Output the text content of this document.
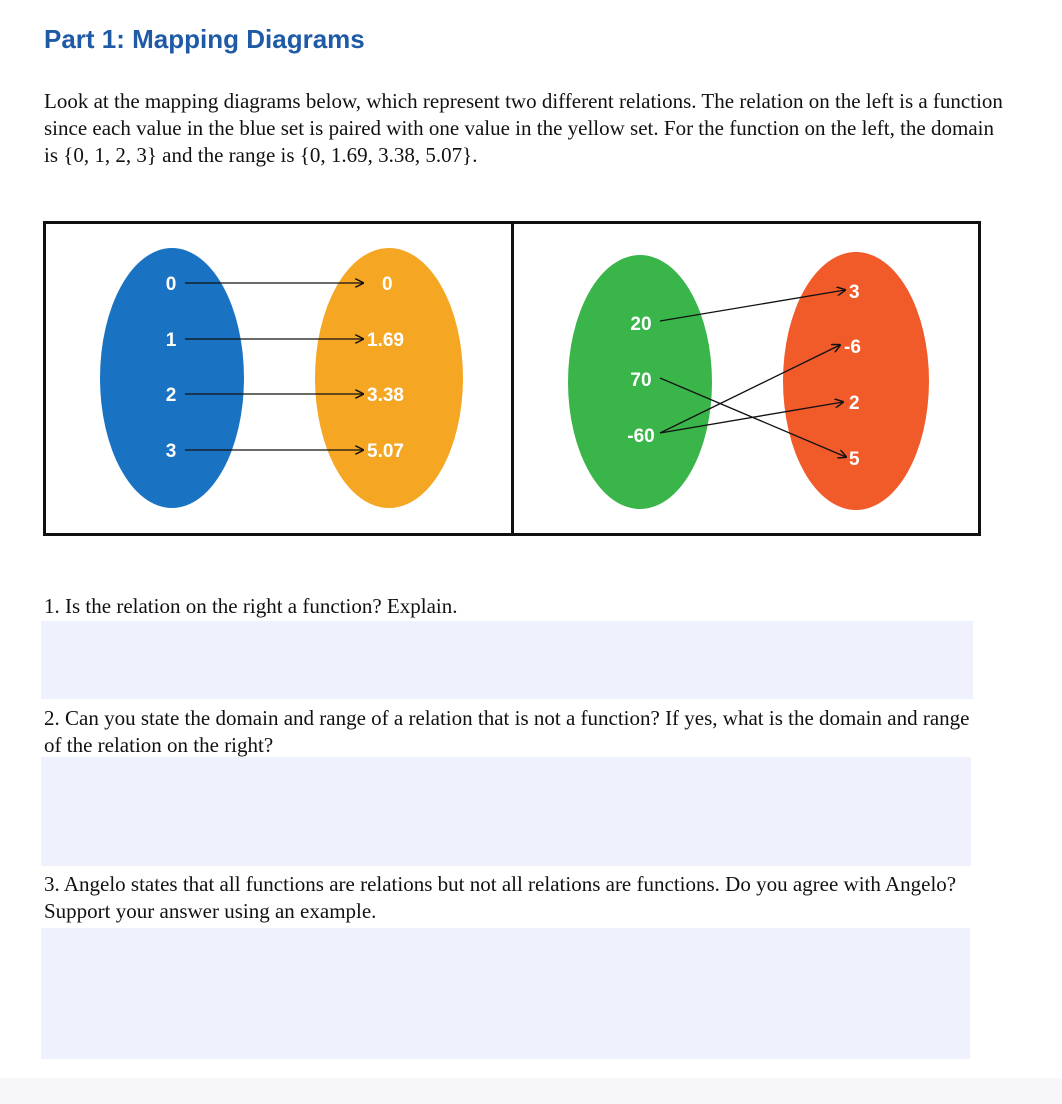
Part 1: Mapping Diagrams
Look at the mapping diagrams below, which represent two different relations. The relation on the left is a function since each value in the blue set is paired with one value in the yellow set. For the function on the left, the domain is {0, 1, 2, 3} and the range is {0, 1.69, 3.38, 5.07}.
0
1
2
3
0
1.69
3.38
5.07
20
70
-60
3
-6
2
5
1. Is the relation on the right a function? Explain.
2. Can you state the domain and range of a relation that is not a function? If yes, what is the domain and range of the relation on the right?
3. Angelo states that all functions are relations but not all relations are functions. Do you agree with Angelo? Support your answer using an example.
